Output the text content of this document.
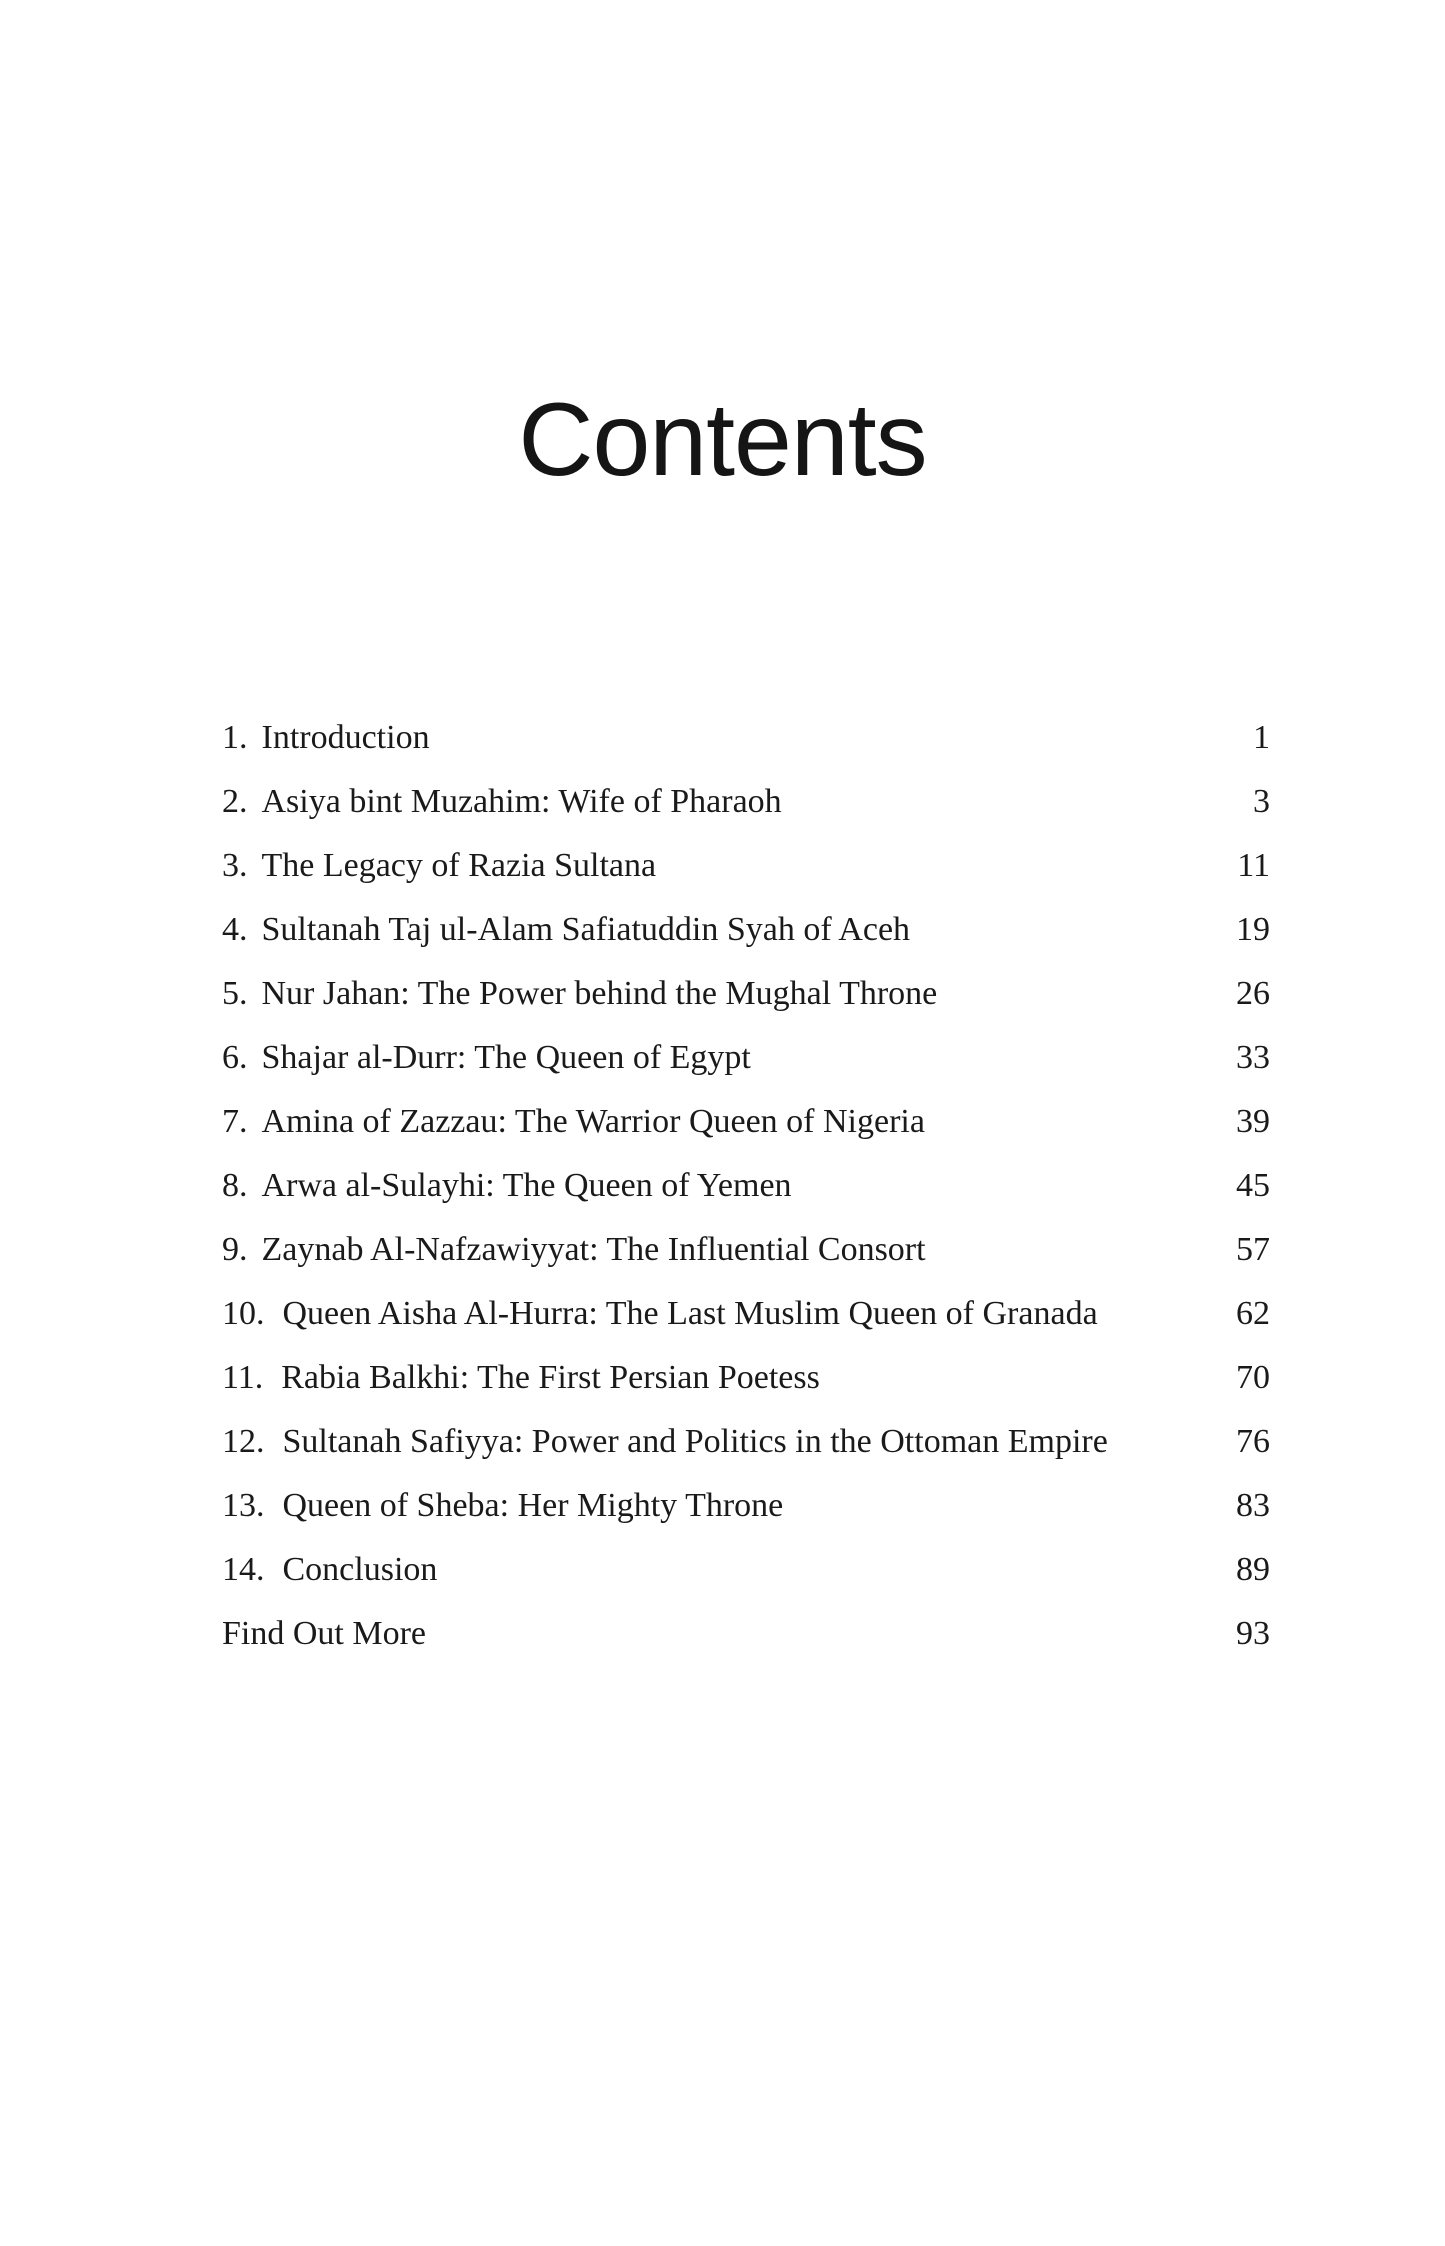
Contents
1. Introduction	1
2. Asiya bint Muzahim: Wife of Pharaoh	3
3. The Legacy of Razia Sultana	11
4. Sultanah Taj ul-Alam Safiatuddin Syah of Aceh	19
5. Nur Jahan: The Power behind the Mughal Throne	26
6. Shajar al-Durr: The Queen of Egypt	33
7. Amina of Zazzau: The Warrior Queen of Nigeria	39
8. Arwa al-Sulayhi: The Queen of Yemen	45
9. Zaynab Al-Nafzawiyyat: The Influential Consort	57
10. Queen Aisha Al-Hurra: The Last Muslim Queen of Granada	62
11. Rabia Balkhi: The First Persian Poetess	70
12. Sultanah Safiyya: Power and Politics in the Ottoman Empire	76
13. Queen of Sheba: Her Mighty Throne	83
14. Conclusion	89
Find Out More	93
